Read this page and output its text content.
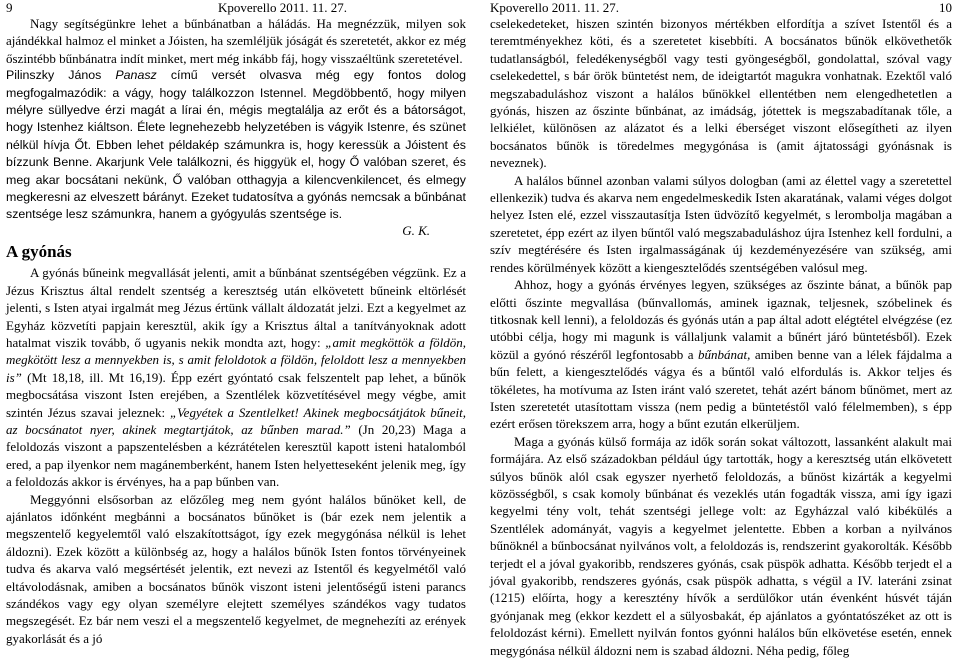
9	Kpoverello 2011. 11. 27.

Nagy segítségünkre lehet a bűnbánatban a háládás. Ha megnézzük, milyen sok ajándékkal halmoz el minket a Jóisten, ha szemléljük jóságát és szeretetét, akkor ez még őszintébb bűnbánatra indít minket, mert még inkább fáj, hogy visszaéltünk szeretetével.

Pilinszky János Panasz című versét olvasva még egy fontos dolog megfogalmazódik: a vágy, hogy találkozzon Istennel. Megdöbbentő, hogy milyen mélyre süllyedve érzi magát a lírai én, mégis megtalálja az erőt és a bátorságot, hogy Istenhez kiáltson. Élete legnehezebb helyzetében is vágyik Istenre, és szünet nélkül hívja Őt. Ebben lehet példakép számunkra is, hogy keressük a Jóistent és bízzunk Benne. Akarjunk Vele találkozni, és higgyük el, hogy Ő valóban szeret, és meg akar bocsátani nekünk, Ő valóban otthagyja a kilencvenkilencet, és elmegy megkeresni az elveszett bárányt. Ezeket tudatosítva a gyónás nemcsak a bűnbánat szentsége lesz számunkra, hanem a gyógyulás szentsége is.

G. K.

A gyónás

A gyónás bűneink megvallását jelenti, amit a bűnbánat szentségében végzünk. Ez a Jézus Krisztus által rendelt szentség a keresztség után elkövetett bűneink eltörlését jelenti, s Isten atyai irgalmát meg Jézus értünk vállalt áldozatát jelzi. Ezt a kegyelmet az Egyház közvetíti papjain keresztül, akik így a Krisztus által a tanítványoknak adott hatalmat viszik tovább, ő ugyanis nekik mondta azt, hogy: „amit megköttök a földön, megkötött lesz a mennyekben is, s amit feloldotok a földön, feloldott lesz a mennyekben is” (Mt 18,18, ill. Mt 16,19). Épp ezért gyóntató csak felszentelt pap lehet, a bűnök megbocsátása viszont Isten erejében, a Szentlélek közvetítésével megy végbe, amit szintén Jézus szavai jeleznek: „Vegyétek a Szentlelket! Akinek megbocsátjátok bűneit, az bocsánatot nyer, akinek megtartjátok, az bűnben marad.” (Jn 20,23) Maga a feloldozás viszont a papszentelésben a kézrátételen keresztül kapott isteni hatalomból ered, a pap ilyenkor nem magánemberként, hanem Isten helyetteseként jelenik meg, így a feloldozás akkor is érvényes, ha a pap bűnben van.

Meggyónni elsősorban az előzőleg meg nem gyónt halálos bűnöket kell, de ajánlatos időnként megbánni a bocsánatos bűnöket is (bár ezek nem jelentik a megszentelő kegyelemtől való elszakítottságot, így ezek megygónása nélkül is lehet áldozni). Ezek között a különbség az, hogy a halálos bűnök Isten fontos törvényeinek tudva és akarva való megsértését jelentik, ezt nevezi az Istentől és kegyelmétől való eltávolodásnak, amiben a bocsánatos bűnök viszont isteni jelentőségű isteni parancs szándékos vagy egy olyan személyre elejtett személyes szándékos vagy tudatos megszegését. Ez bár nem veszi el a megszentelő kegyelmet, de megnehezíti az erények gyakorlását és a jó

Kpoverello 2011. 11. 27.	10

cselekedeteket, hiszen szintén bizonyos mértékben elfordítja a szívet Istentől és a teremtményekhez köti, és a szeretetet kisebbíti. A bocsánatos bűnök elkövethetők tudatlanságból, feledékenységből vagy testi gyöngeségből, gondolattal, szóval vagy cselekedettel, s bár örök büntetést nem, de ideigtartót magukra vonhatnak. Ezektől való megszabaduláshoz viszont a halálos bűnökkel ellentétben nem elengedhetetlen a gyónás, hiszen az őszinte bűnbánat, az imádság, jótettek is megszabadítanak tőle, a lelkiélet, különösen az alázatot és a lelki éberséget viszont elősegítheti az ilyen bocsánatos bűnök is töredelmes megygónása is (amit ájtatossági gyónásnak is neveznek).

A halálos bűnnel azonban valami súlyos dologban (ami az élettel vagy a szeretettel ellenkezik) tudva és akarva nem engedelmeskedik Isten akaratának, valami véges dolgot helyez Isten elé, ezzel visszautasítja Isten üdvözítő kegyelmét, s lerombolja magában a szeretetet, épp ezért az ilyen bűntől való megszabaduláshoz újra Istenhez kell fordulni, a szív megtérésére és Isten irgalmasságának új kezdeményezésére van szükség, ami rendes körülmények között a kiengesztelődés szentségében valósul meg.

Ahhoz, hogy a gyónás érvényes legyen, szükséges az őszinte bánat, a bűnök pap előtti őszinte megvallása (bűnvallomás, aminek igaznak, teljesnek, szóbelinek és titkosnak kell lenni), a feloldozás és gyónás után a pap által adott elégtétel elvégzése (ez utóbbi célja, hogy mi magunk is vállaljunk valamit a bűnért járó büntetésből). Ezek közül a gyónó részéről legfontosabb a bűnbánat, amiben benne van a lélek fájdalma a bűn felett, a kiengesztelődés vágya és a bűntől való elfordulás is. Akkor teljes és tökéletes, ha motívuma az Isten iránt való szeretet, tehát azért bánom bűnömet, mert az Isten szeretetét utasítottam vissza (nem pedig a büntetéstől való félelmemben), s épp ezért erősen törekszem arra, hogy a bűnt ezután elkerüljem.

Maga a gyónás külső formája az idők során sokat változott, lassanként alakult mai formájára. Az első századokban például úgy tartották, hogy a keresztség után elkövetett súlyos bűnök alól csak egyszer nyerhető feloldozás, a bűnöst kizárták a kegyelmi közösségből, s csak komoly bűnbánat és vezeklés után fogadták vissza, ami így igazi kegyelmi tény volt, tehát szentségi jellege volt: az Egyházzal való kibékülés a Szentlélek adományát, vagyis a kegyelmet jelentette. Ebben a korban a nyilvános bűnöknél a bűnbocsánat nyilvános volt, a feloldozás is, rendszerint gyakorolták. Később terjedt el a jóval gyakoribb, rendszeres gyónás, csak püspök adhatta. Később terjedt el a jóval gyakoribb, rendszeres gyónás, csak püspök adhatta, s végül a IV. lateráni zsinat (1215) előírta, hogy a keresztény hívők a serdülőkor után évenként húsvét táján gyónjanak meg (ekkor kezdett el a sülyosbakát, ép ajánlatos a gyóntatószéket az ott is feloldozást kérni). Emellett nyilván fontos gyónni halálos bűn elkövetése esetén, ennek megygónása nélkül áldozni nem is szabad áldozni. Néha pedig, főleg
